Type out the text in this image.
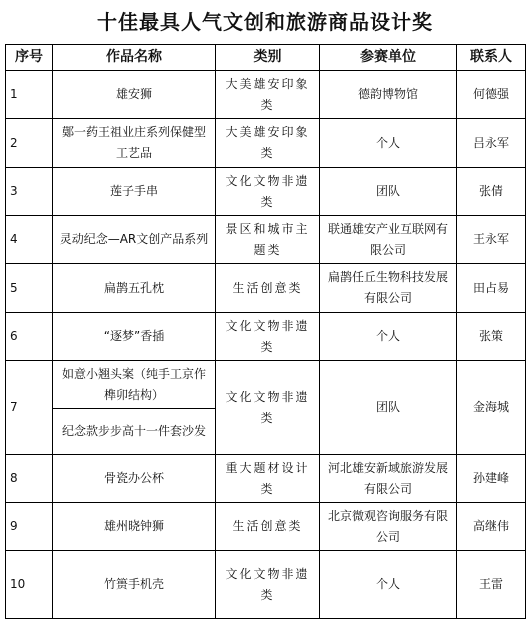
十佳最具人气文创和旅游商品设计奖
序号	作品名称	类别	参赛单位	联系人
1	雄安狮	大美雄安印象类	德韵博物馆	何德强
2	鄚一药王祖业庄系列保健型工艺品	大美雄安印象类	个人	吕永军
3	莲子手串	文化文物非遗类	团队	张倩
4	灵动纪念—AR文创产品系列	景区和城市主题类	联通雄安产业互联网有限公司	王永军
5	扁鹊五孔枕	生活创意类	扁鹊任丘生物科技发展有限公司	田占易
6	“逐梦”香插	文化文物非遗类	个人	张策
7	如意小翘头案（纯手工京作榫卯结构）	文化文物非遗类	团队	金海城
	纪念款步步高十一件套沙发			
8	骨瓷办公杯	重大题材设计类	河北雄安新域旅游发展有限公司	孙建峰
9	雄州晓钟狮	生活创意类	北京微观咨询服务有限公司	高继伟
10	竹篑手机壳	文化文物非遗类	个人	王雷
